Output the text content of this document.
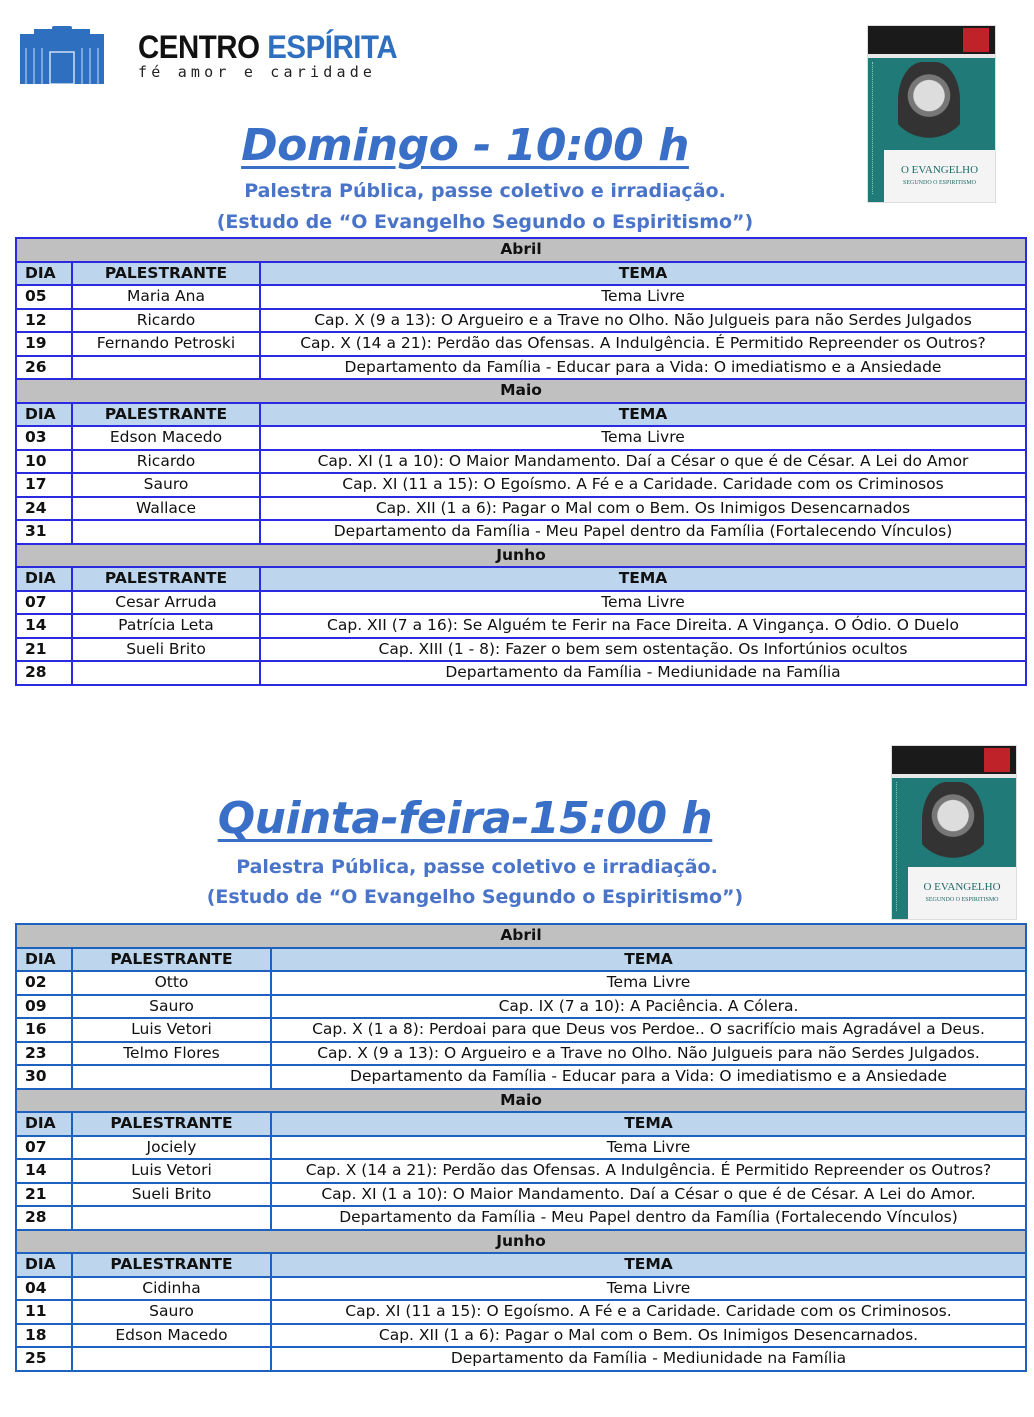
CENTRO ESPÍRITA
fé amor e caridade
O EVANGELHO
SEGUNDO O ESPIRITISMO
O EVANGELHO
SEGUNDO O ESPIRITISMO
Domingo - 10:00 h
Palestra Pública, passe coletivo e irradiação.
(Estudo de “O Evangelho Segundo o Espiritismo”)
Abril		
DIA	PALESTRANTE	TEMA
05	Maria Ana	Tema Livre
12	Ricardo	Cap. X (9 a 13): O Argueiro e a Trave no Olho. Não Julgueis para não Serdes Julgados
19	Fernando Petroski	Cap. X (14 a 21): Perdão das Ofensas. A Indulgência. É Permitido Repreender os Outros?
26		Departamento da Família - Educar para a Vida: O imediatismo e a Ansiedade
Maio		
DIA	PALESTRANTE	TEMA
03	Edson Macedo	Tema Livre
10	Ricardo	Cap. XI (1 a 10): O Maior Mandamento. Daí a César o que é de César. A Lei do Amor
17	Sauro	Cap. XI (11 a 15): O Egoísmo. A Fé e a Caridade. Caridade com os Criminosos
24	Wallace	Cap. XII (1 a 6): Pagar o Mal com o Bem. Os Inimigos Desencarnados
31		Departamento da Família - Meu Papel dentro da Família (Fortalecendo Vínculos)
Junho		
DIA	PALESTRANTE	TEMA
07	Cesar Arruda	Tema Livre
14	Patrícia Leta	Cap. XII (7 a 16): Se Alguém te Ferir na Face Direita. A Vingança. O Ódio. O Duelo
21	Sueli Brito	Cap. XIII (1 - 8): Fazer o bem sem ostentação. Os Infortúnios ocultos
28		Departamento da Família - Mediunidade na Família
Quinta-feira-15:00 h
Palestra Pública, passe coletivo e irradiação.
(Estudo de “O Evangelho Segundo o Espiritismo”)
Abril		
DIA	PALESTRANTE	TEMA
02	Otto	Tema Livre
09	Sauro	Cap. IX (7 a 10): A Paciência. A Cólera.
16	Luis Vetori	Cap. X (1 a 8): Perdoai para que Deus vos Perdoe.. O sacrifício mais Agradável a Deus.
23	Telmo Flores	Cap. X (9 a 13): O Argueiro e a Trave no Olho. Não Julgueis para não Serdes Julgados.
30		Departamento da Família - Educar para a Vida: O imediatismo e a Ansiedade
Maio		
DIA	PALESTRANTE	TEMA
07	Jociely	Tema Livre
14	Luis Vetori	Cap. X (14 a 21): Perdão das Ofensas. A Indulgência. É Permitido Repreender os Outros?
21	Sueli Brito	Cap. XI (1 a 10): O Maior Mandamento. Daí a César o que é de César. A Lei do Amor.
28		Departamento da Família - Meu Papel dentro da Família (Fortalecendo Vínculos)
Junho		
DIA	PALESTRANTE	TEMA
04	Cidinha	Tema Livre
11	Sauro	Cap. XI (11 a 15): O Egoísmo. A Fé e a Caridade. Caridade com os Criminosos.
18	Edson Macedo	Cap. XII (1 a 6): Pagar o Mal com o Bem. Os Inimigos Desencarnados.
25		Departamento da Família - Mediunidade na Família
